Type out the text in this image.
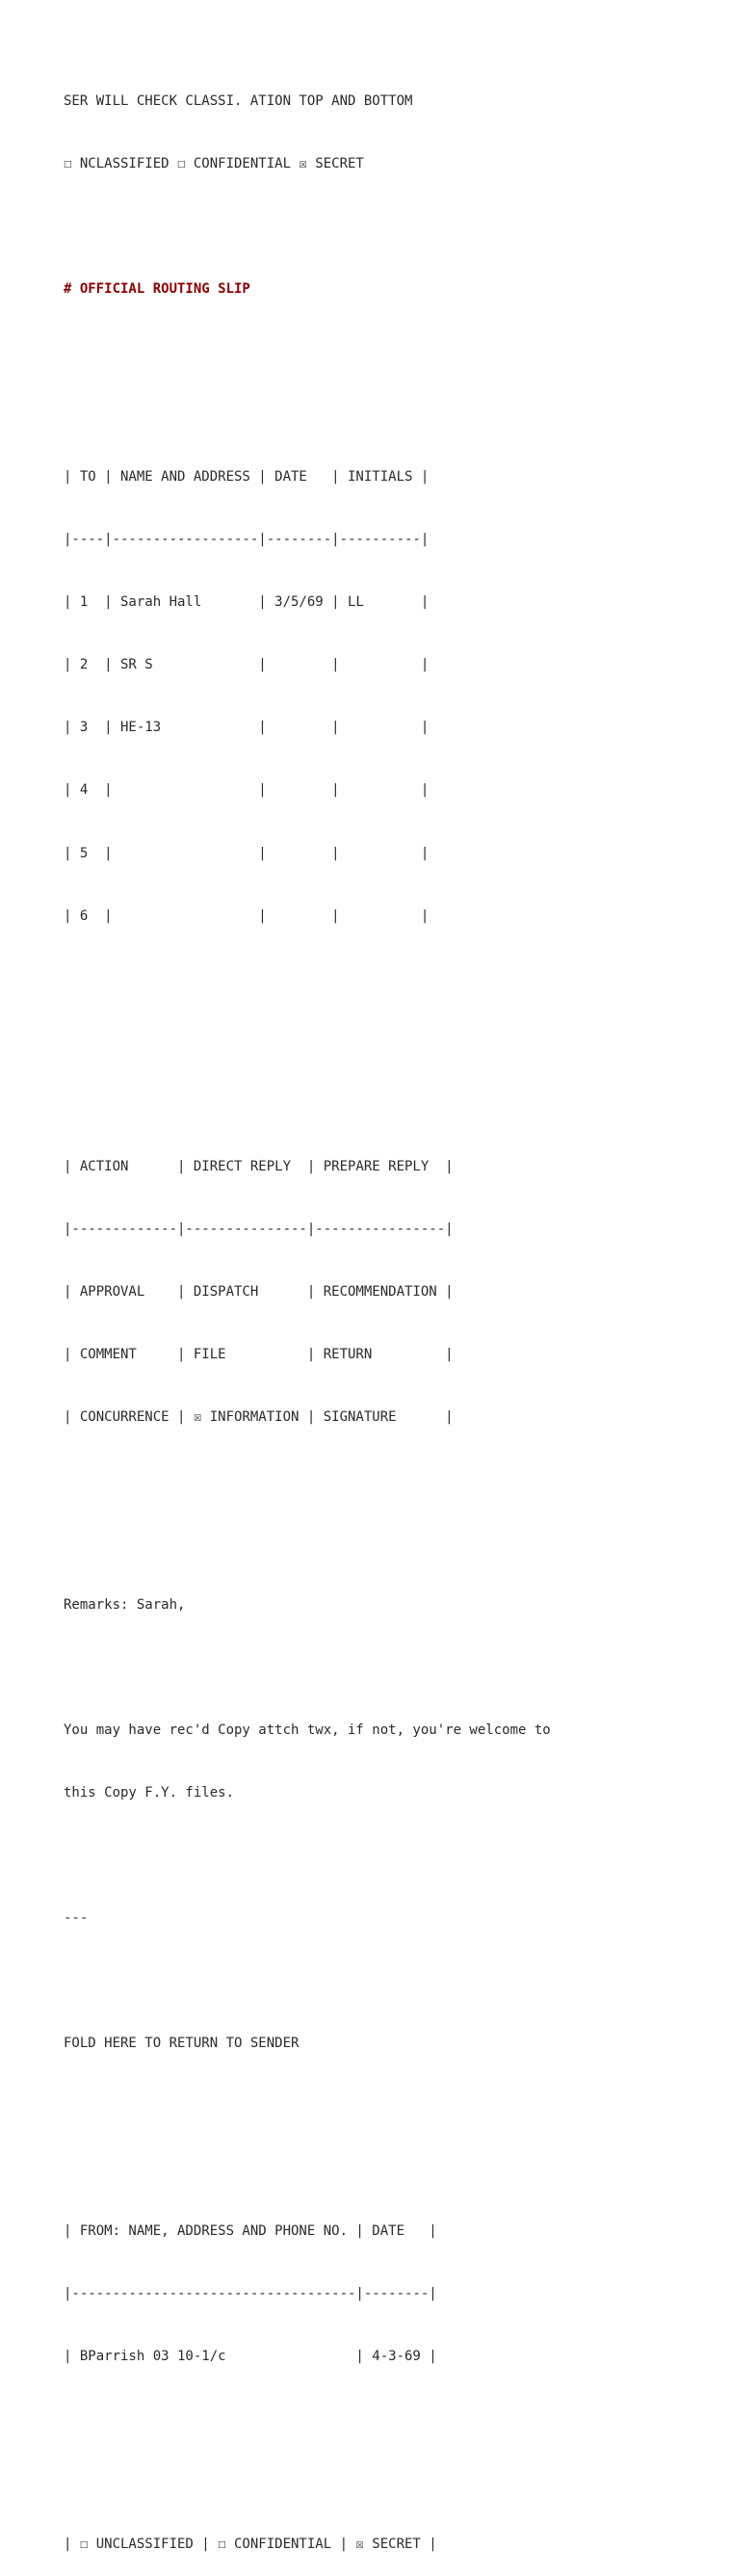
SER WILL CHECK CLASSI. ATION TOP AND BOTTOM

☐ NCLASSIFIED ☐ CONFIDENTIAL ☒ SECRET

# OFFICIAL ROUTING SLIP

| TO | NAME AND ADDRESS | DATE   | INITIALS |

|----|------------------|--------|----------|

| 1  | Sarah Hall       | 3/5/69 | LL       |

| 2  | SR S             |        |          |

| 3  | HE-13            |        |          |

| 4  |                  |        |          |

| 5  |                  |        |          |

| 6  |                  |        |          |

| ACTION      | DIRECT REPLY  | PREPARE REPLY  |

|-------------|---------------|----------------|

| APPROVAL    | DISPATCH      | RECOMMENDATION |

| COMMENT     | FILE          | RETURN         |

| CONCURRENCE | ☒ INFORMATION | SIGNATURE      |

Remarks: Sarah,

You may have rec'd Copy attch twx, if not, you're welcome to

this Copy F.Y. files.

---

FOLD HERE TO RETURN TO SENDER

| FROM: NAME, ADDRESS AND PHONE NO. | DATE   |

|-----------------------------------|--------|

| BParrish 03 10-1/c                | 4-3-69 |

| ☐ UNCLASSIFIED | ☐ CONFIDENTIAL | ☒ SECRET |
